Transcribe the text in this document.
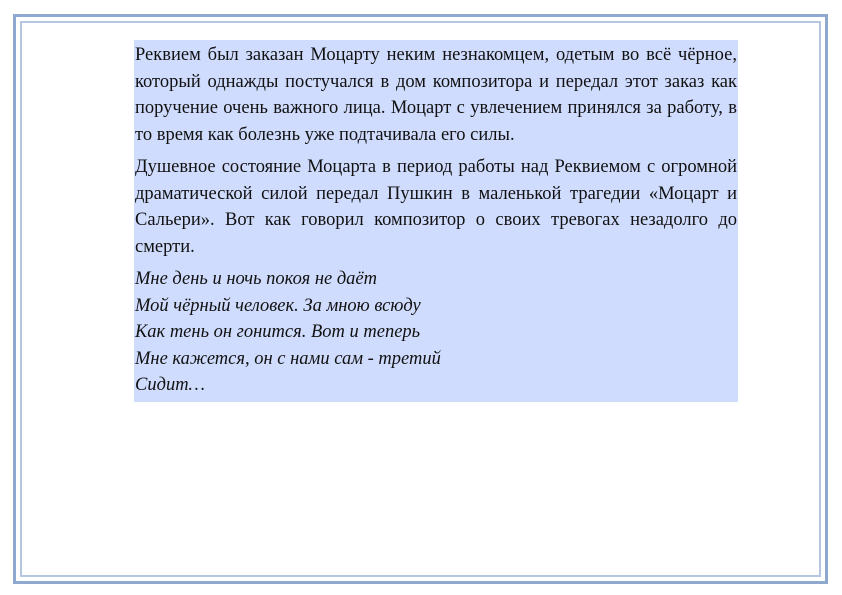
Реквием был заказан Моцарту неким незнакомцем, одетым во всё чёрное, который однажды постучался в дом композитора и передал этот заказ как поручение очень важного лица. Моцарт с увлечением принялся за работу, в то время как болезнь уже подтачивала его силы.

Душевное состояние Моцарта в период работы над Реквиемом с огромной драматической силой передал Пушкин в маленькой трагедии «Моцарт и Сальери». Вот как говорил композитор о своих тревогах незадолго до смерти.

Мне день и ночь покоя не даёт
Мой чёрный человек. За мною всюду
Как тень он гонится. Вот и теперь
Мне кажется, он с нами сам - третий
Сидит…
